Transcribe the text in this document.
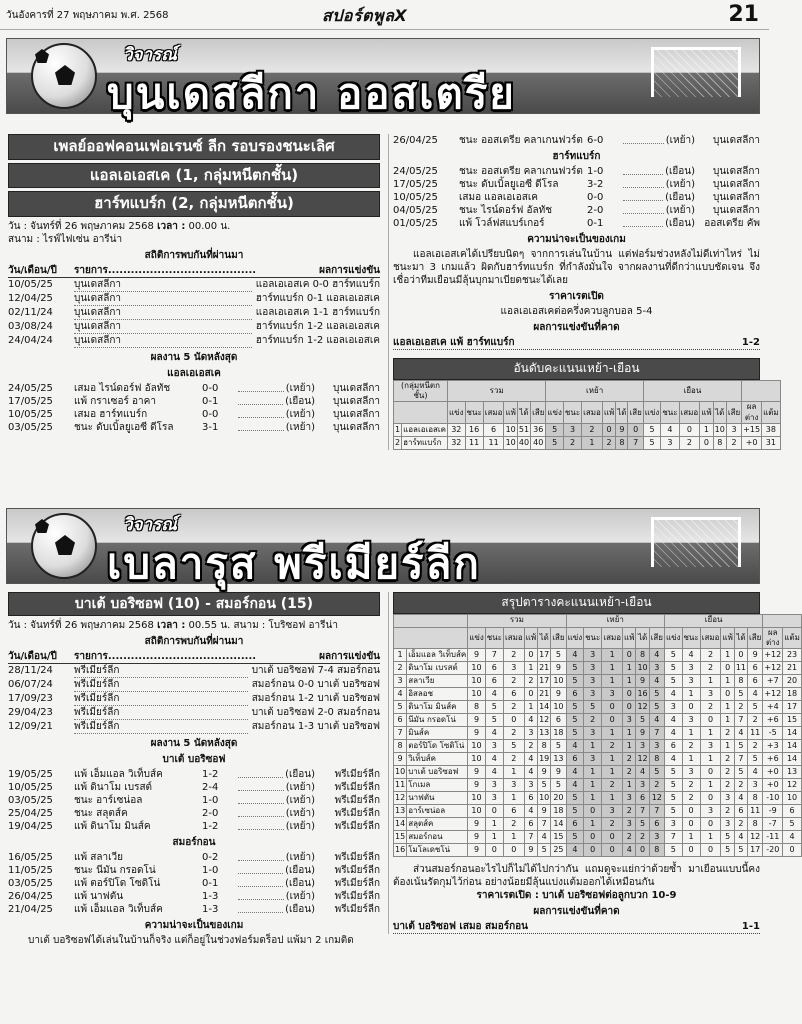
วันอังคารที่ 27 พฤษภาคม พ.ศ. 2568	สปอร์ตพูลX	21
วิจารณ์
บุนเดสลีกา ออสเตรีย
เพลย์ออฟคอนเฟอเรนซ์ ลีก รอบรองชนะเลิศ
แอลเอเอสเค (1, กลุ่มหนีตกชั้น)
ฮาร์ทแบร์ก (2, กลุ่มหนีตกชั้น)
วัน : จันทร์ที่ 26 พฤษภาคม 2568 เวลา : 00.00 น.
สนาม : ไรฟ์ไฟเซ่น อารีน่า
สถิติการพบกันที่ผ่านมา
วัน/เดือน/ปี	รายการ.......................................	ผลการแข่งขัน
10/05/25	บุนเดสลีกา	แอลเอเอสเค 0-0 ฮาร์ทแบร์ก
12/04/25	บุนเดสลีกา	ฮาร์ทแบร์ก 0-1 แอลเอเอสเค
02/11/24	บุนเดสลีกา	แอลเอเอสเค 1-1 ฮาร์ทแบร์ก
03/08/24	บุนเดสลีกา	ฮาร์ทแบร์ก 1-2 แอลเอเอสเค
24/04/24	บุนเดสลีกา	ฮาร์ทแบร์ก 1-2 แอลเอเอสเค
ผลงาน 5 นัดหลังสุด
แอลเอเอสเค
24/05/25	เสมอ ไรน์ดอร์ฟ อัลทัช	0-0	(เหย้า)	บุนเดสลีกา
17/05/25	แพ้ กราเซอร์ อาคา	0-1	(เยือน)	บุนเดสลีกา
10/05/25	เสมอ ฮาร์ทแบร์ก	0-0	(เหย้า)	บุนเดสลีกา
03/05/25	ชนะ ดับเบิ้ลยูเอซี ดีโรล	3-1	(เหย้า)	บุนเดสลีกา
26/04/25	ชนะ ออสเตรีย คลาเกนฟวร์ต 6-0	(เหย้า)	บุนเดสลีกา
ฮาร์ทแบร์ก
24/05/25	ชนะ ออสเตรีย คลาเกนฟวร์ต 1-0	(เยือน)	บุนเดสลีกา
17/05/25	ชนะ ดับเบิ้ลยูเอซี ดีโรล	3-2	(เหย้า)	บุนเดสลีกา
10/05/25	เสมอ แอลเอเอสเค	0-0	(เยือน)	บุนเดสลีกา
04/05/25	ชนะ ไรน์ดอร์ฟ อัลทัช	2-0	(เหย้า)	บุนเดสลีกา
01/05/25	แพ้ โวล์ฟสแบร์เกอร์	0-1	(เยือน) ออสเตรีย คัพ
ความน่าจะเป็นของเกม

แอลเอเอสเคได้เปรียบนิดๆ จากการเล่นในบ้าน แต่ฟอร์มช่วงหลังไม่ดีเท่าไหร่ ไม่ชนะมา 3 เกมแล้ว ผิดกับฮาร์ทแบร์ก ที่กำลังมั่นใจ จากผลงานที่ดีกว่าแบบชัดเจน จึงเชื่อว่าทีมเยือนมีลุ้นบุกมาเบียดชนะได้เลย

ราคาเรตเปิด
แอลเอเอสเคต่อครึ่งควบลูกบอล 5-4
ผลการแข่งขันที่คาด
แอลเอเอสเค แพ้ ฮาร์ทแบร์ก	1-2
อันดับคะแนนเหย้า-เยือน
(กลุ่มหนีตกชั้น)		รวม						เหย้า						เยือน							
		แข่ง	ชนะ	เสมอ	แพ้	ได้	เสีย	แข่ง	ชนะ	เสมอ	แพ้	ได้	เสีย	แข่ง	ชนะ	เสมอ	แพ้	ได้	เสีย	ผลต่าง	แต้ม
1	แอลเอเอสเค	32	16	6	10	51	36	5	3	2	0	9	0	5	4	0	1	10	3	+15	38
2	ฮาร์ทแบร์ก	32	11	11	10	40	40	5	2	1	2	8	7	5	3	2	0	8	2	+0	31
วิจารณ์
เบลารุส พรีเมียร์ลีก
บาเต้ บอริซอฟ (10) - สมอร์กอน (15)
วัน : จันทร์ที่ 26 พฤษภาคม 2568 เวลา : 00.55 น. สนาม : โบริซอฟ อารีน่า
สถิติการพบกันที่ผ่านมา
วัน/เดือน/ปี	รายการ.......................................	ผลการแข่งขัน
28/11/24	พรีเมียร์ลีก	บาเต้ บอริซอฟ 7-4 สมอร์กอน
06/07/24	พรีเมียร์ลีก	สมอร์กอน 0-0 บาเต้ บอริซอฟ
17/09/23	พรีเมียร์ลีก	สมอร์กอน 1-2 บาเต้ บอริซอฟ
29/04/23	พรีเมียร์ลีก	บาเต้ บอริซอฟ 2-0 สมอร์กอน
12/09/21	พรีเมียร์ลีก	สมอร์กอน 1-3 บาเต้ บอริซอฟ
ผลงาน 5 นัดหลังสุด
บาเต้ บอริซอฟ
19/05/25	แพ้ เอ็มแอล วิเท็บส์ค	1-2	(เยือน)	พรีเมียร์ลีก
10/05/25	แพ้ ดินาโม เบรสต์	2-4	(เหย้า)	พรีเมียร์ลีก
03/05/25	ชนะ อาร์เซน่อล	1-0	(เหย้า)	พรีเมียร์ลีก
25/04/25	ชนะ สลุตส์ค	2-0	(เหย้า)	พรีเมียร์ลีก
19/04/25	แพ้ ดินาโม มินส์ค	1-2	(เหย้า)	พรีเมียร์ลีก
สมอร์กอน
16/05/25	แพ้ สลาเวีย	0-2	(เหย้า)	พรีเมียร์ลีก
11/05/25	ชนะ นีมัน กรอดโน่	1-0	(เยือน)	พรีเมียร์ลีก
03/05/25	แพ้ ตอร์ปิโด โซดิโน่	0-1	(เยือน)	พรีเมียร์ลีก
26/04/25	แพ้ นาฟตัน	1-3	(เหย้า)	พรีเมียร์ลีก
21/04/25	แพ้ เอ็มแอล วิเท็บส์ค	1-3	(เยือน)	พรีเมียร์ลีก
ความน่าจะเป็นของเกม

บาเต้ บอริซอฟได้เล่นในบ้านก็จริง แต่ก็อยู่ในช่วงฟอร์มดร็อป แพ้มา 2 เกมติด

สรุปตารางคะแนนเหย้า-เยือน
		รวม						เหย้า						เยือน							
		แข่ง	ชนะ	เสมอ	แพ้	ได้	เสีย	แข่ง	ชนะ	เสมอ	แพ้	ได้	เสีย	แข่ง	ชนะ	เสมอ	แพ้	ได้	เสีย	ผลต่าง	แต้ม
1	เอ็มแอล วิเท็บส์ค	9	7	2	0	17	5	4	3	1	0	8	4	5	4	2	1	0	9	+12	23
2	ดินาโม เบรสต์	10	6	3	1	21	9	5	3	1	1	10	3	5	3	2	0	11	6	+12	21
3	สลาเวีย	10	6	2	2	17	10	5	3	1	1	9	4	5	3	1	1	8	6	+7	20
4	อิสลอช	10	4	6	0	21	9	6	3	3	0	16	5	4	1	3	0	5	4	+12	18
5	ดินาโม มินส์ค	8	5	2	1	14	10	5	5	0	0	12	5	3	0	2	1	2	5	+4	17
6	นีมัน กรอดโน่	9	5	0	4	12	6	5	2	0	3	5	4	4	3	0	1	7	2	+6	15
7	มินส์ค	9	4	2	3	13	18	5	3	1	1	9	7	4	1	1	2	4	11	-5	14
8	ตอร์ปิโด โซดิโน่	10	3	5	2	8	5	4	1	2	1	3	3	6	2	3	1	5	2	+3	14
9	วิเท็บส์ค	10	4	2	4	19	13	6	3	1	2	12	8	4	1	1	2	7	5	+6	14
10	บาเต้ บอริซอฟ	9	4	1	4	9	9	4	1	1	2	4	5	5	3	0	2	5	4	+0	13
11	โกเมล	9	3	3	3	5	5	4	1	2	1	3	2	5	2	1	2	2	3	+0	12
12	นาฟตัน	10	3	1	6	10	20	5	1	1	3	6	12	5	2	0	3	4	8	-10	10
13	อาร์เซน่อล	10	0	6	4	9	18	5	0	3	2	7	7	5	0	3	2	6	11	-9	6
14	สลุตส์ค	9	1	2	6	7	14	6	1	2	3	5	6	3	0	0	3	2	8	-7	5
15	สมอร์กอน	9	1	1	7	4	15	5	0	0	2	2	3	7	1	1	5	4	12	-11	4
16	โมโลเดชโน่	9	0	0	9	5	25	4	0	0	4	0	8	5	0	0	5	5	17	-20	0

ส่วนสมอร์กอนอะไรไปก็ไม่ได้ไปกว่ากัน แถมดูจะแย่กว่าด้วยซ้ำ มาเยือนแบบนี้คงต้องเน้นรัดกุมไว้ก่อน อย่างน้อยมีลุ้นแบ่งแต้มออกได้เหมือนกัน

ราคาเรตเปิด : บาเต้ บอริซอฟต่อลูกบวก 10-9
ผลการแข่งขันที่คาด
บาเต้ บอริซอฟ เสมอ สมอร์กอน	1-1
